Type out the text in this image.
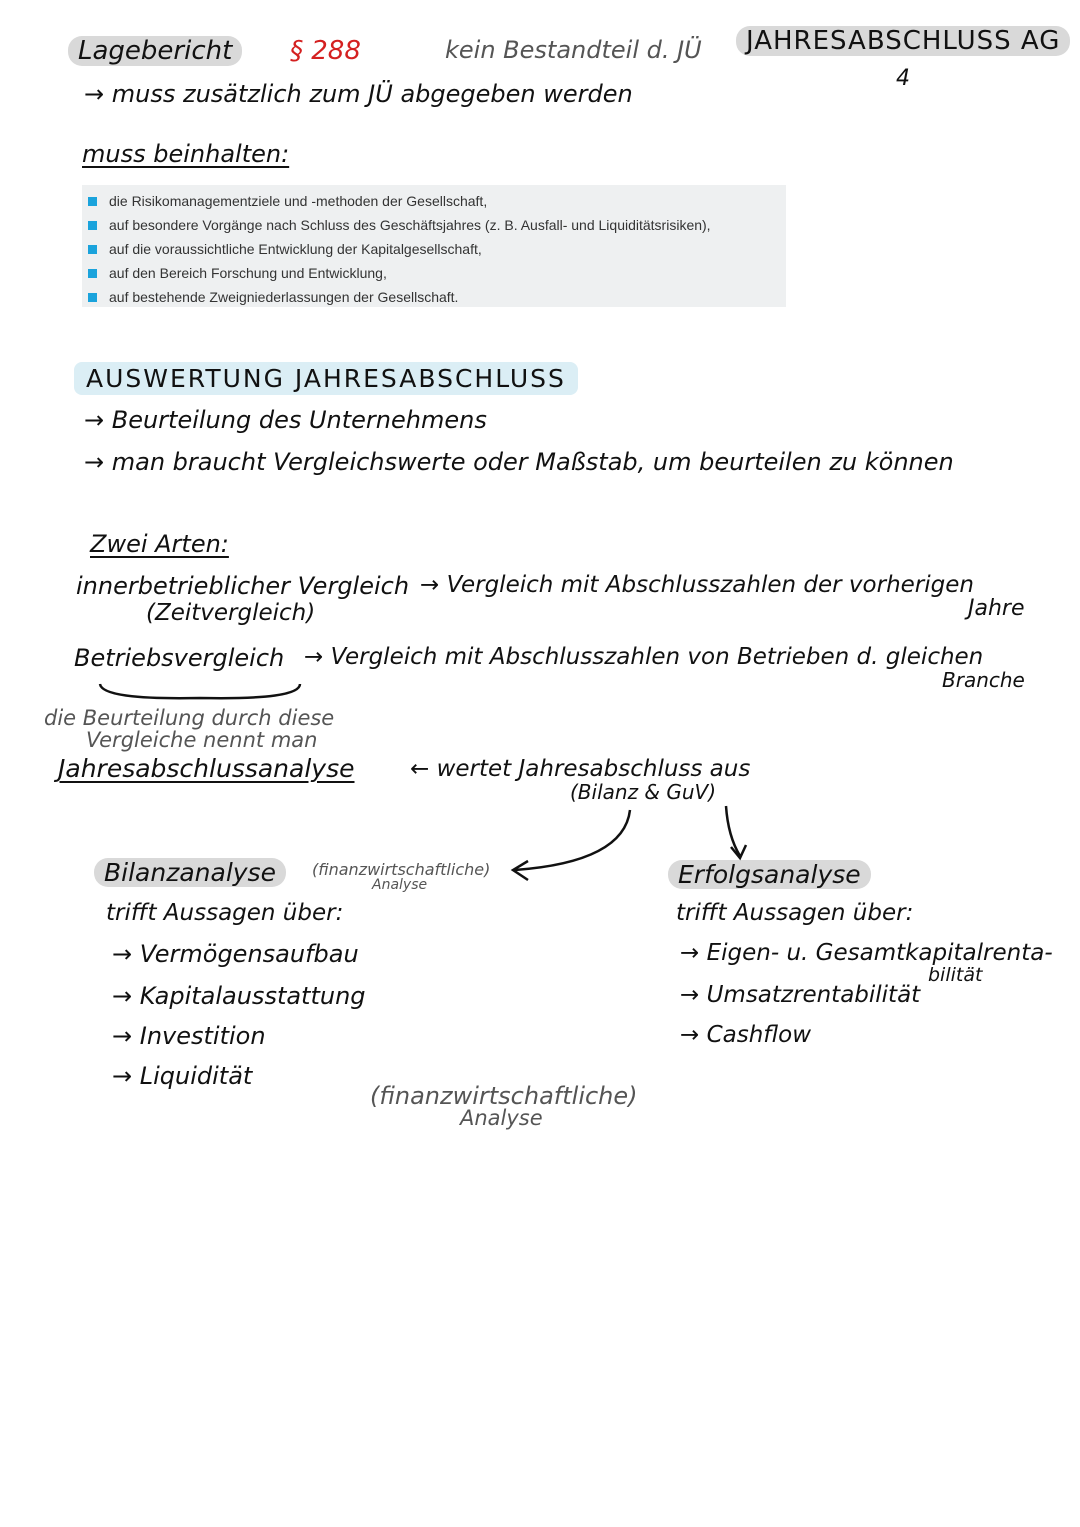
Lagebericht	§ 288	kein Bestandteil d. JÜ	JAHRESABSCHLUSS AG
4
→ muss zusätzlich zum JÜ abgegeben werden
muss beinhalten:
die Risikomanagementziele und -methoden der Gesellschaft,
auf besondere Vorgänge nach Schluss des Geschäftsjahres (z. B. Ausfall- und Liquiditätsrisiken),
auf die voraussichtliche Entwicklung der Kapitalgesellschaft,
auf den Bereich Forschung und Entwicklung,
auf bestehende Zweigniederlassungen der Gesellschaft.
AUSWERTUNG JAHRESABSCHLUSS
→ Beurteilung des Unternehmens
→ man braucht Vergleichswerte oder Maßstab, um beurteilen zu können
Zwei Arten:
innerbetrieblicher Vergleich
(Zeitvergleich)
→ Vergleich mit Abschlusszahlen der vorherigen
Jahre
Betriebsvergleich → Vergleich mit Abschlusszahlen von Betrieben d. gleichen
Branche
die Beurteilung durch diese
Vergleiche nennt man
Jahresabschlussanalyse ← wertet Jahresabschluss aus
(Bilanz & GuV)
Bilanzanalyse	(finanzwirtschaftliche)
Analyse
trifft Aussagen über:
→ Vermögensaufbau
→ Kapitalausstattung
→ Investition
→ Liquidität
Erfolgsanalyse
trifft Aussagen über:
→ Eigen- u. Gesamtkapitalrenta-
bilität
→ Umsatzrentabilität
→ Cashflow
(finanzwirtschaftliche)
Analyse
